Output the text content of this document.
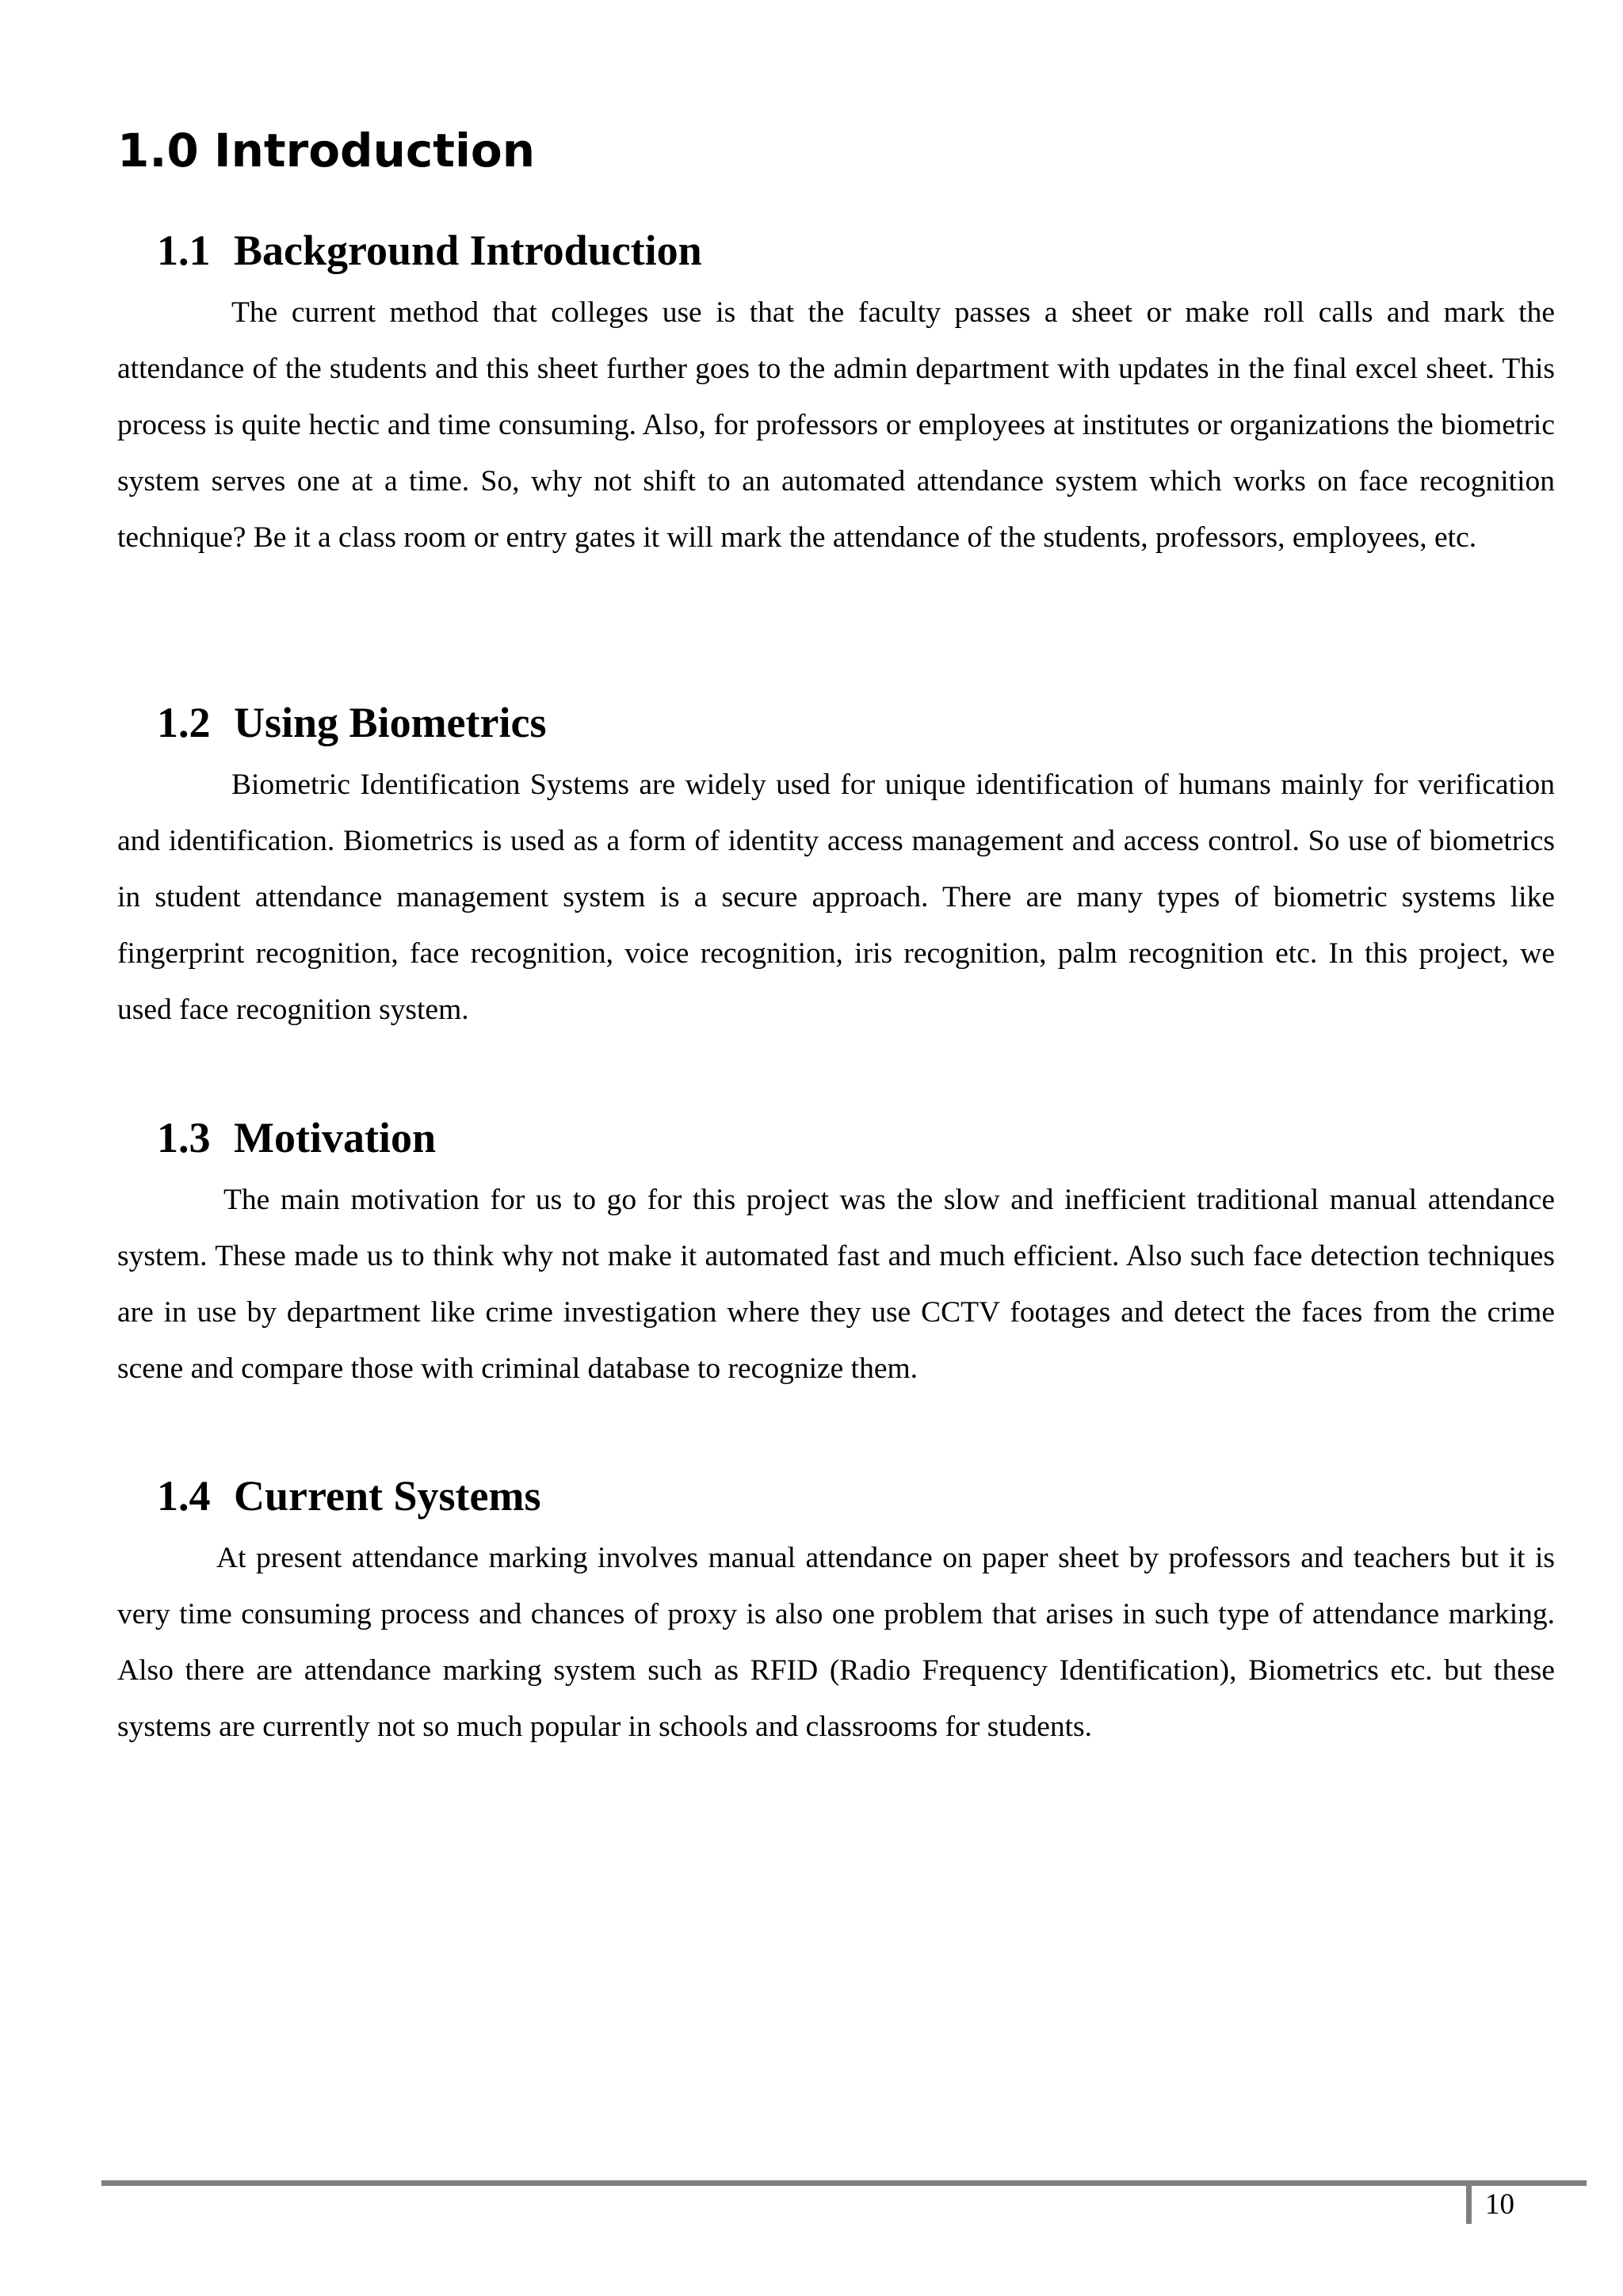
1.0 Introduction
1.1 Background Introduction

The current method that colleges use is that the faculty passes a sheet or make roll calls and mark the attendance of the students and this sheet further goes to the admin department with updates in the final excel sheet. This process is quite hectic and time consuming. Also, for professors or employees at institutes or organizations the biometric system serves one at a time. So, why not shift to an automated attendance system which works on face recognition technique? Be it a class room or entry gates it will mark the attendance of the students, professors, employees, etc.

1.2 Using Biometrics

Biometric Identification Systems are widely used for unique identification of humans mainly for verification and identification. Biometrics is used as a form of identity access management and access control. So use of biometrics in student attendance management system is a secure approach. There are many types of biometric systems like fingerprint recognition, face recognition, voice recognition, iris recognition, palm recognition etc. In this project, we used face recognition system.

1.3 Motivation

The main motivation for us to go for this project was the slow and inefficient traditional manual attendance system. These made us to think why not make it automated fast and much efficient. Also such face detection techniques are in use by department like crime investigation where they use CCTV footages and detect the faces from the crime scene and compare those with criminal database to recognize them.

1.4 Current Systems

At present attendance marking involves manual attendance on paper sheet by professors and teachers but it is very time consuming process and chances of proxy is also one problem that arises in such type of attendance marking. Also there are attendance marking system such as RFID (Radio Frequency Identification), Biometrics etc. but these systems are currently not so much popular in schools and classrooms for students.

10
